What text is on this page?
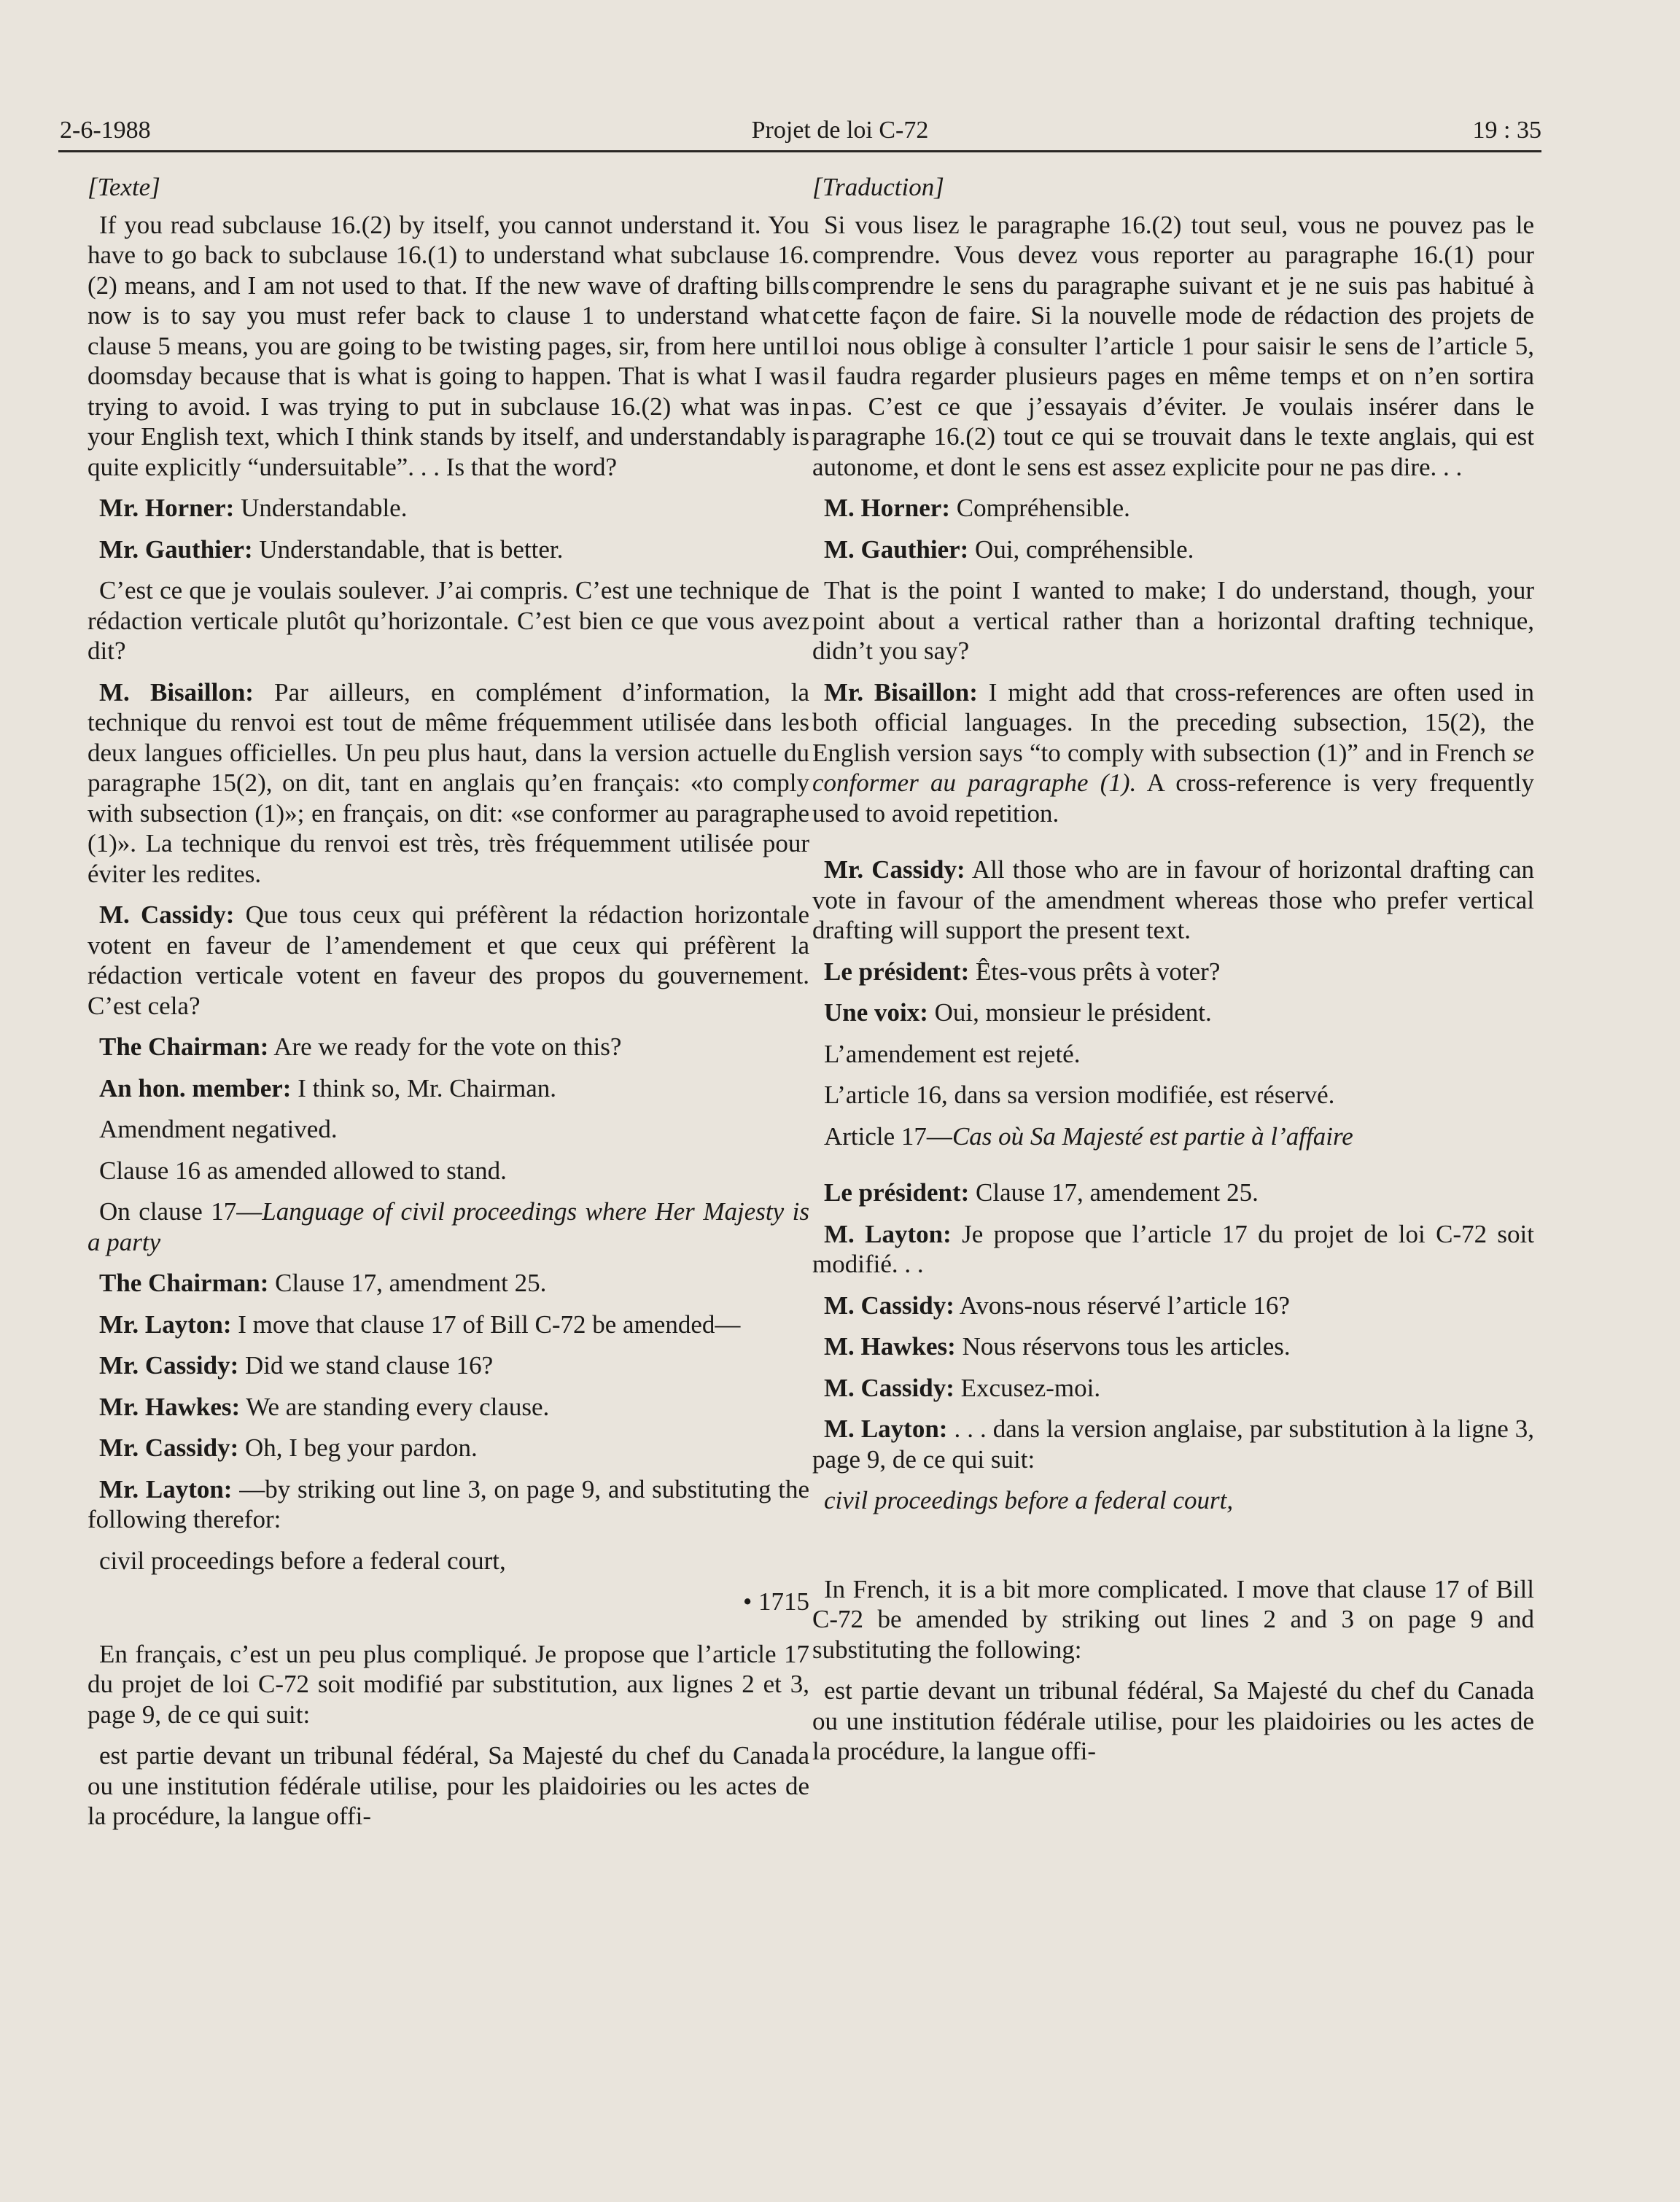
Projet de loi C-72
2-6-1988	19 : 35

[Texte]

If you read subclause 16.(2) by itself, you cannot understand it. You have to go back to subclause 16.(1) to understand what subclause 16.(2) means, and I am not used to that. If the new wave of drafting bills now is to say you must refer back to clause 1 to understand what clause 5 means, you are going to be twisting pages, sir, from here until doomsday because that is what is going to happen. That is what I was trying to avoid. I was trying to put in subclause 16.(2) what was in your English text, which I think stands by itself, and understandably is quite explicitly “undersuitable”. . . Is that the word?

Mr. Horner: Understandable.

Mr. Gauthier: Understandable, that is better.

C’est ce que je voulais soulever. J’ai compris. C’est une technique de rédaction verticale plutôt qu’horizontale. C’est bien ce que vous avez dit?

M. Bisaillon: Par ailleurs, en complément d’information, la technique du renvoi est tout de même fréquemment utilisée dans les deux langues officielles. Un peu plus haut, dans la version actuelle du paragraphe 15(2), on dit, tant en anglais qu’en français: «to comply with subsection (1)»; en français, on dit: «se conformer au paragraphe (1)». La technique du renvoi est très, très fréquemment utilisée pour éviter les redites.

M. Cassidy: Que tous ceux qui préfèrent la rédaction horizontale votent en faveur de l’amendement et que ceux qui préfèrent la rédaction verticale votent en faveur des propos du gouvernement. C’est cela?

The Chairman: Are we ready for the vote on this?

An hon. member: I think so, Mr. Chairman.

Amendment negatived.

Clause 16 as amended allowed to stand.

On clause 17—Language of civil proceedings where Her Majesty is a party

The Chairman: Clause 17, amendment 25.

Mr. Layton: I move that clause 17 of Bill C-72 be amended—

Mr. Cassidy: Did we stand clause 16?

Mr. Hawkes: We are standing every clause.

Mr. Cassidy: Oh, I beg your pardon.

Mr. Layton: —by striking out line 3, on page 9, and substituting the following therefor:

civil proceedings before a federal court,

• 1715

En français, c’est un peu plus compliqué. Je propose que l’article 17 du projet de loi C-72 soit modifié par substitution, aux lignes 2 et 3, page 9, de ce qui suit:

est partie devant un tribunal fédéral, Sa Majesté du chef du Canada ou une institution fédérale utilise, pour les plaidoiries ou les actes de la procédure, la langue offi-

[Traduction]

Si vous lisez le paragraphe 16.(2) tout seul, vous ne pouvez pas le comprendre. Vous devez vous reporter au paragraphe 16.(1) pour comprendre le sens du paragraphe suivant et je ne suis pas habitué à cette façon de faire. Si la nouvelle mode de rédaction des projets de loi nous oblige à consulter l’article 1 pour saisir le sens de l’article 5, il faudra regarder plusieurs pages en même temps et on n’en sortira pas. C’est ce que j’essayais d’éviter. Je voulais insérer dans le paragraphe 16.(2) tout ce qui se trouvait dans le texte anglais, qui est autonome, et dont le sens est assez explicite pour ne pas dire. . .

M. Horner: Compréhensible.

M. Gauthier: Oui, compréhensible.

That is the point I wanted to make; I do understand, though, your point about a vertical rather than a horizontal drafting technique, didn’t you say?

Mr. Bisaillon: I might add that cross-references are often used in both official languages. In the preceding subsection, 15(2), the English version says “to comply with subsection (1)” and in French se conformer au paragraphe (1). A cross-reference is very frequently used to avoid repetition.

Mr. Cassidy: All those who are in favour of horizontal drafting can vote in favour of the amendment whereas those who prefer vertical drafting will support the present text.

Le président: Êtes-vous prêts à voter?

Une voix: Oui, monsieur le président.

L’amendement est rejeté.

L’article 16, dans sa version modifiée, est réservé.

Article 17—Cas où Sa Majesté est partie à l’affaire

Le président: Clause 17, amendement 25.

M. Layton: Je propose que l’article 17 du projet de loi C-72 soit modifié. . .

M. Cassidy: Avons-nous réservé l’article 16?

M. Hawkes: Nous réservons tous les articles.

M. Cassidy: Excusez-moi.

M. Layton: . . . dans la version anglaise, par substitution à la ligne 3, page 9, de ce qui suit:

civil proceedings before a federal court,

In French, it is a bit more complicated. I move that clause 17 of Bill C-72 be amended by striking out lines 2 and 3 on page 9 and substituting the following:

est partie devant un tribunal fédéral, Sa Majesté du chef du Canada ou une institution fédérale utilise, pour les plaidoiries ou les actes de la procédure, la langue offi-
